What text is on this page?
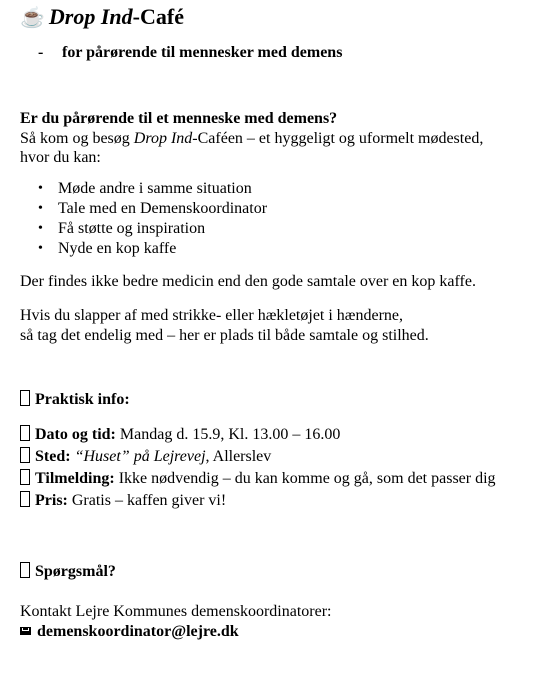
☕ Drop Ind-Café
- for pårørende til mennesker med demens
Er du pårørende til et menneske med demens?

Så kom og besøg Drop Ind-Caféen – et hyggeligt og uformelt mødested,
hvor du kan:

• Møde andre i samme situation
• Tale med en Demenskoordinator
• Få støtte og inspiration
• Nyde en kop kaffe
Der findes ikke bedre medicin end den gode samtale over en kop kaffe.
Hvis du slapper af med strikke- eller hækletøjet i hænderne,
så tag det endelig med – her er plads til både samtale og stilhed.
Praktisk info:
Dato og tid: Mandag d. 15.9, Kl. 13.00 – 16.00
Sted: “Huset” på Lejrevej, Allerslev
Tilmelding: Ikke nødvendig – du kan komme og gå, som det passer dig
Pris: Gratis – kaffen giver vi!
Spørgsmål?
Kontakt Lejre Kommunes demenskoordinatorer:
demenskoordinator@lejre.dk
